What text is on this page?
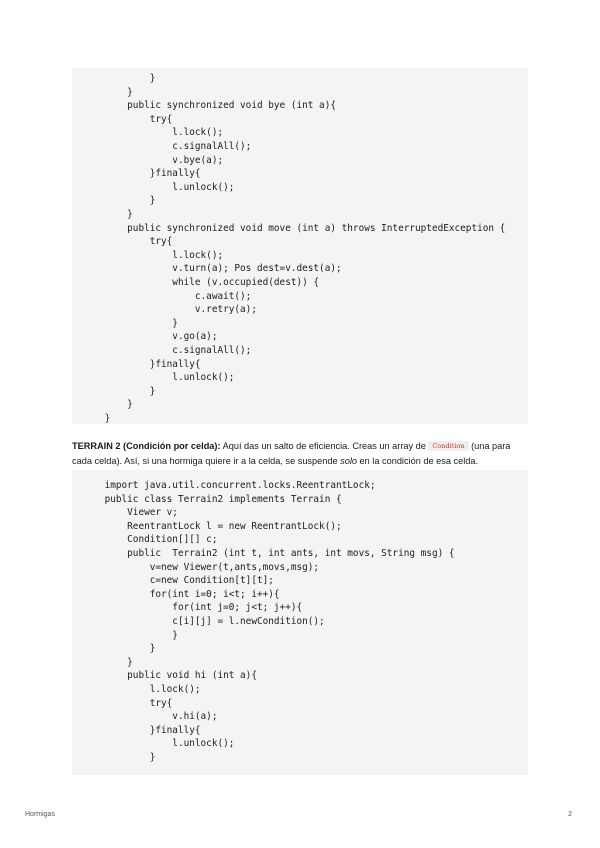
}
}
public synchronized void bye (int a){
try{
l.lock();
c.signalAll();
v.bye(a);
}finally{
l.unlock();
}
}
public synchronized void move (int a) throws InterruptedException {
try{
l.lock();
v.turn(a); Pos dest=v.dest(a);
while (v.occupied(dest)) {
c.await();
v.retry(a);
}
v.go(a);
c.signalAll();
}finally{
l.unlock();
}
}
}
TERRAIN 2 (Condición por celda): Aquí das un salto de eficiencia. Creas un array de Condition (una para
cada celda). Así, si una hormiga quiere ir a la celda, se suspende solo en la condición de esa celda.
import java.util.concurrent.locks.ReentrantLock;
public class Terrain2 implements Terrain {
Viewer v;
ReentrantLock l = new ReentrantLock();
Condition[][] c;
public  Terrain2 (int t, int ants, int movs, String msg) {
v=new Viewer(t,ants,movs,msg);
c=new Condition[t][t];
for(int i=0; i<t; i++){
for(int j=0; j<t; j++){
c[i][j] = l.newCondition();
}
}
}
public void hi (int a){
l.lock();
try{
v.hi(a);
}finally{
l.unlock();
}
Hormigas	2
